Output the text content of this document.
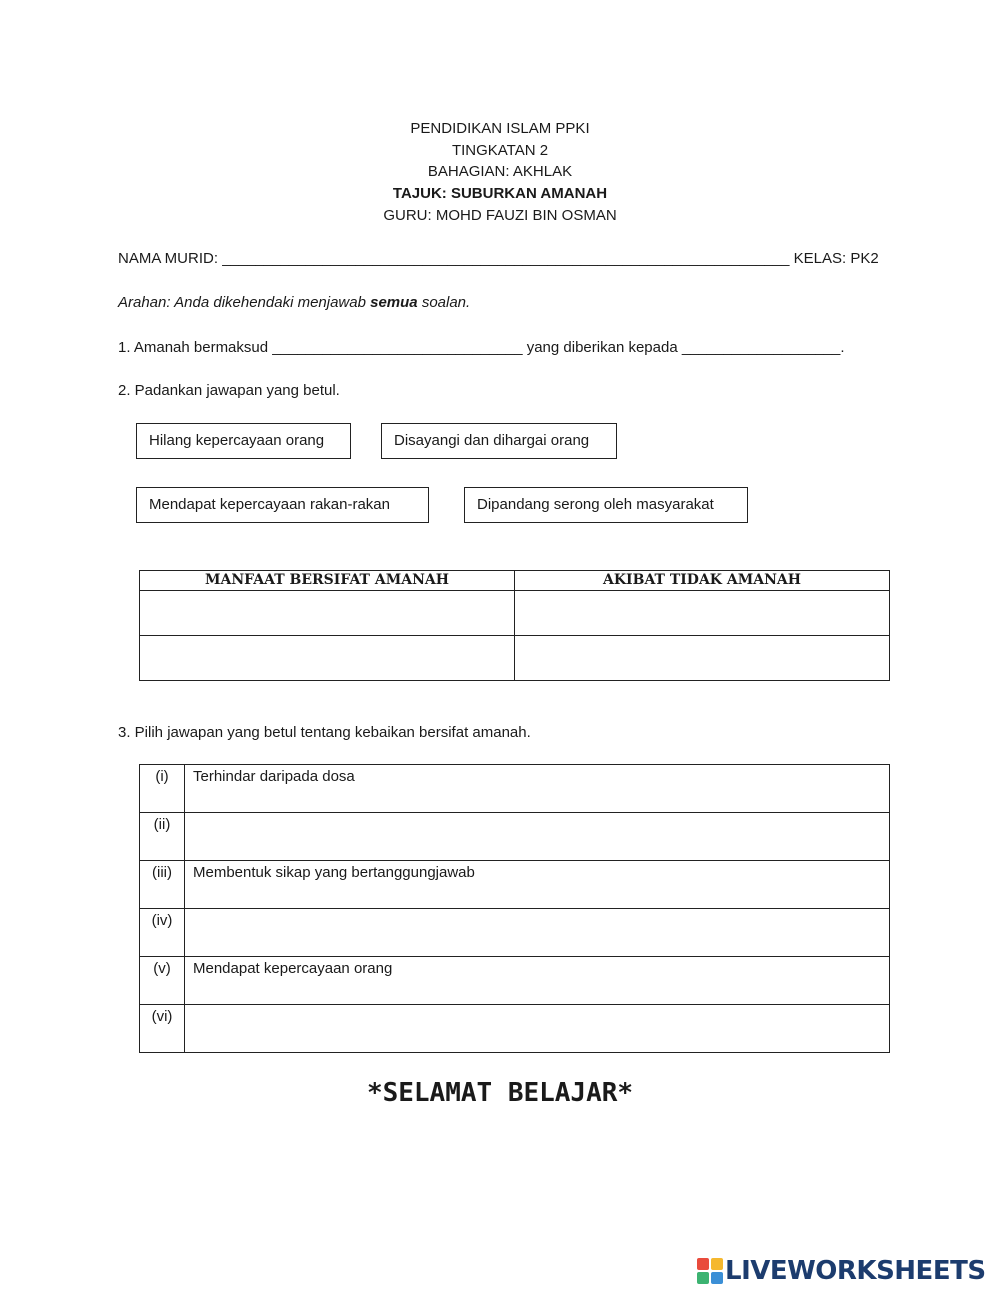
PENDIDIKAN ISLAM PPKI
TINGKATAN 2
BAHAGIAN: AKHLAK
TAJUK: SUBURKAN AMANAH
GURU: MOHD FAUZI BIN OSMAN
NAMA MURID: ____________________________________________________________________ KELAS: PK2
Arahan: Anda dikehendaki menjawab semua soalan.
1. Amanah bermaksud ______________________________ yang diberikan kepada ___________________.
2. Padankan jawapan yang betul.
Hilang kepercayaan orang	Disayangi dan dihargai orang
Mendapat kepercayaan rakan-rakan	Dipandang serong oleh masyarakat
MANFAAT BERSIFAT AMANAH	AKIBAT TIDAK AMANAH

3. Pilih jawapan yang betul tentang kebaikan bersifat amanah.
(i)	Terhindar daripada dosa
(ii)	
(iii)	Membentuk sikap yang bertanggungjawab
(iv)	
(v)	Mendapat kepercayaan orang
(vi)	
*SELAMAT BELAJAR*
LIVEWORKSHEETS
